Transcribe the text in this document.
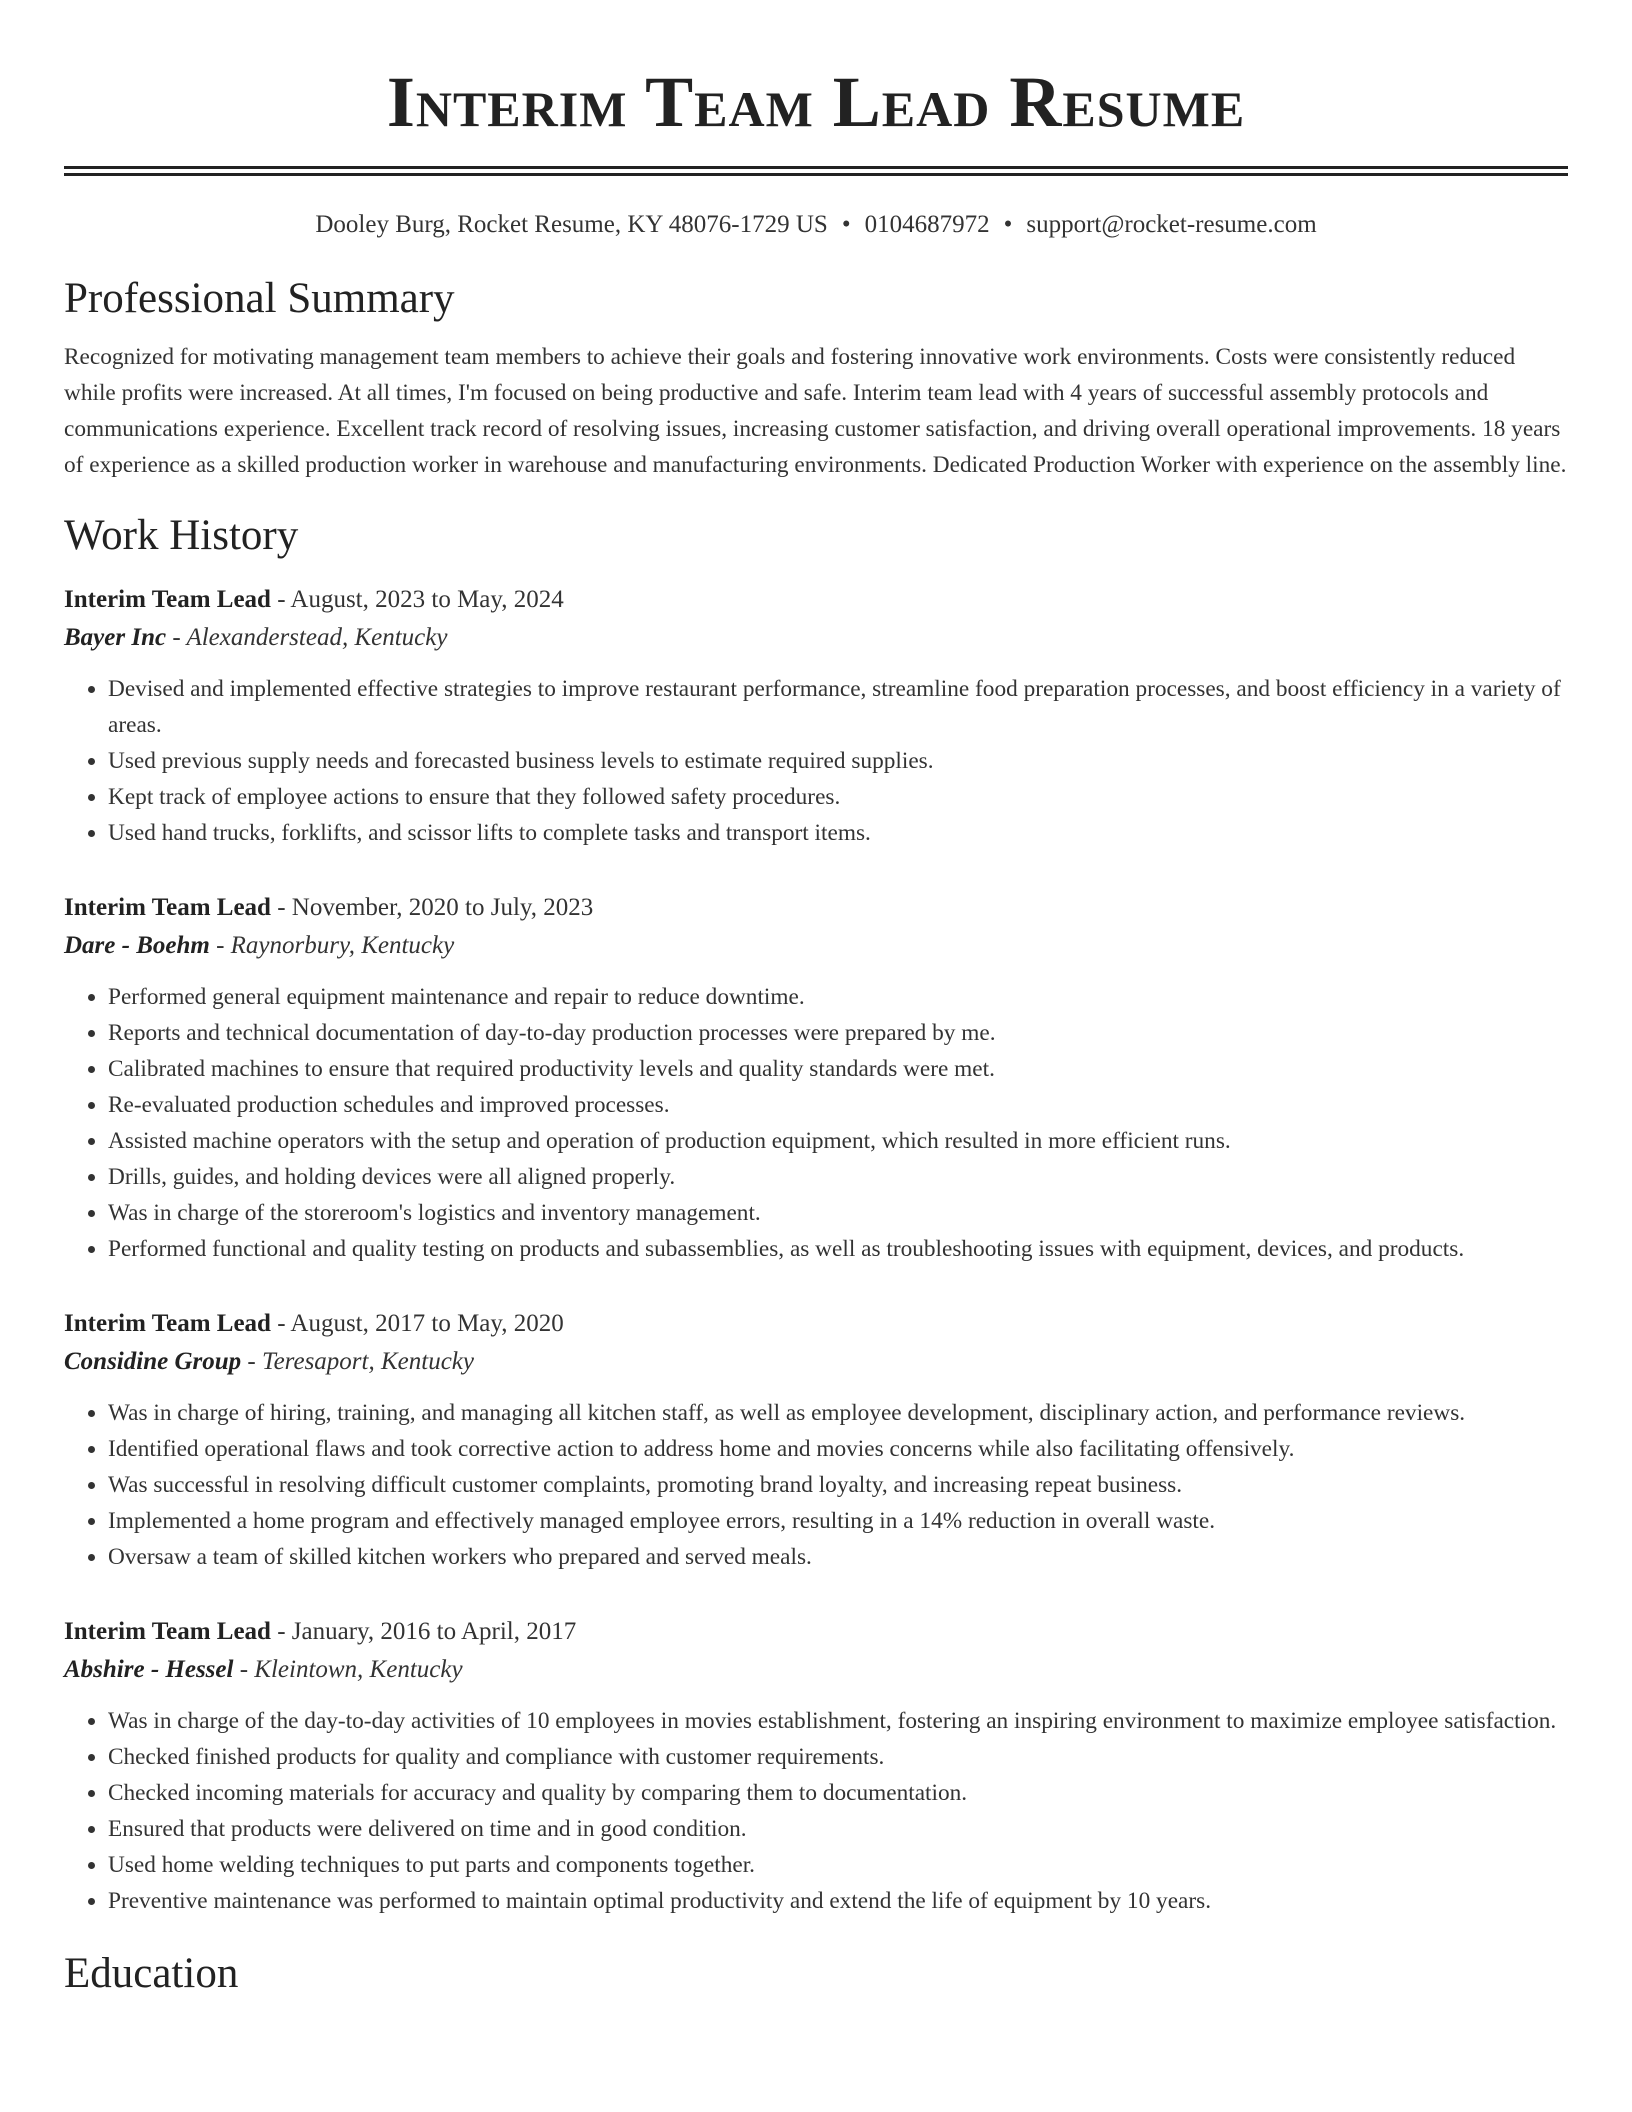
Interim Team Lead Resume
Dooley Burg, Rocket Resume, KY 48076-1729 US • 0104687972 • support@rocket-resume.com
Professional Summary

Recognized for motivating management team members to achieve their goals and fostering innovative work environments. Costs were consistently reduced while profits were increased. At all times, I'm focused on being productive and safe. Interim team lead with 4 years of successful assembly protocols and communications experience. Excellent track record of resolving issues, increasing customer satisfaction, and driving overall operational improvements. 18 years of experience as a skilled production worker in warehouse and manufacturing environments. Dedicated Production Worker with experience on the assembly line.

Work History
Interim Team Lead - August, 2023 to May, 2024
Bayer Inc - Alexanderstead, Kentucky
• Devised and implemented effective strategies to improve restaurant performance, streamline food preparation processes, and boost efficiency in a variety of areas.
• Used previous supply needs and forecasted business levels to estimate required supplies.
• Kept track of employee actions to ensure that they followed safety procedures.
• Used hand trucks, forklifts, and scissor lifts to complete tasks and transport items.
Interim Team Lead - November, 2020 to July, 2023
Dare - Boehm - Raynorbury, Kentucky
• Performed general equipment maintenance and repair to reduce downtime.
• Reports and technical documentation of day-to-day production processes were prepared by me.
• Calibrated machines to ensure that required productivity levels and quality standards were met.
• Re-evaluated production schedules and improved processes.
• Assisted machine operators with the setup and operation of production equipment, which resulted in more efficient runs.
• Drills, guides, and holding devices were all aligned properly.
• Was in charge of the storeroom's logistics and inventory management.
• Performed functional and quality testing on products and subassemblies, as well as troubleshooting issues with equipment, devices, and products.
Interim Team Lead - August, 2017 to May, 2020
Considine Group - Teresaport, Kentucky
• Was in charge of hiring, training, and managing all kitchen staff, as well as employee development, disciplinary action, and performance reviews.
• Identified operational flaws and took corrective action to address home and movies concerns while also facilitating offensively.
• Was successful in resolving difficult customer complaints, promoting brand loyalty, and increasing repeat business.
• Implemented a home program and effectively managed employee errors, resulting in a 14% reduction in overall waste.
• Oversaw a team of skilled kitchen workers who prepared and served meals.
Interim Team Lead - January, 2016 to April, 2017
Abshire - Hessel - Kleintown, Kentucky
• Was in charge of the day-to-day activities of 10 employees in movies establishment, fostering an inspiring environment to maximize employee satisfaction.
• Checked finished products for quality and compliance with customer requirements.
• Checked incoming materials for accuracy and quality by comparing them to documentation.
• Ensured that products were delivered on time and in good condition.
• Used home welding techniques to put parts and components together.
• Preventive maintenance was performed to maintain optimal productivity and extend the life of equipment by 10 years.
Education
